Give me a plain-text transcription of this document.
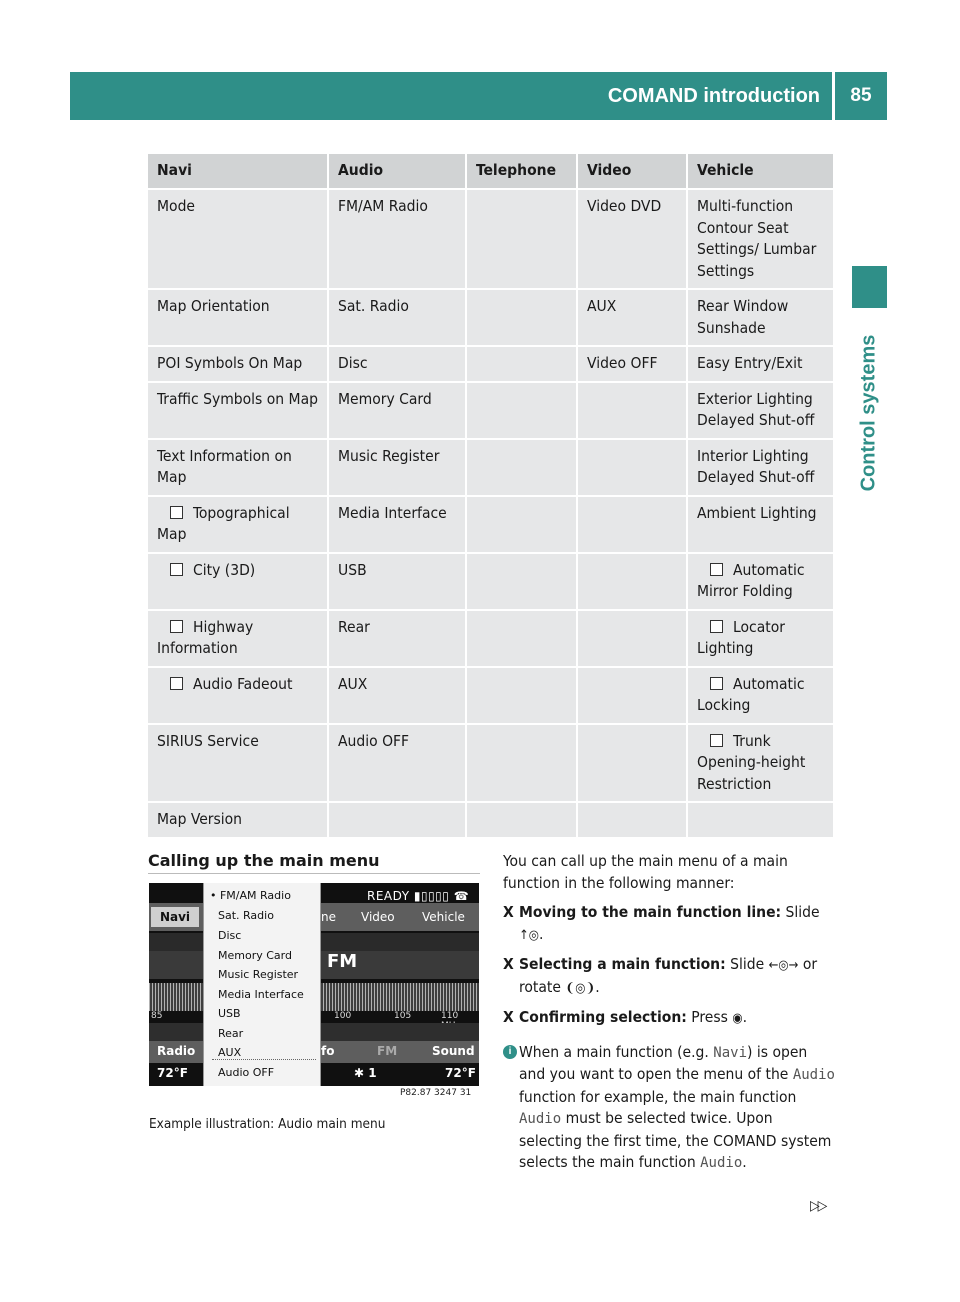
COMAND introduction	85
Control systems
Navi	Audio	Telephone	Video	Vehicle
Mode	FM/AM Radio		Video DVD	Multi-function Contour Seat Settings/ Lumbar Settings
Map Orientation	Sat. Radio		AUX	Rear Window Sunshade
POI Symbols On Map	Disc		Video OFF	Easy Entry/Exit
Traffic Symbols on Map	Memory Card			Exterior Lighting Delayed Shut-off
Text Information on Map	Music Register			Interior Lighting Delayed Shut-off
Topographical Map	Media Interface			Ambient Lighting
City (3D)	USB			Automatic Mirror Folding
Highway Information	Rear			Locator Lighting
Audio Fadeout	AUX			Automatic Locking
SIRIUS Service	Audio OFF			Trunk Opening-height Restriction
Map Version				
Calling up the main menu
Navi	ne Video Vehicle
READY ▮▯▯▯▯ ☎
FM
85	100	105	110
Radio	fo	FM	Sound
72°F	✱ 1	72°F
• FM/AM Radio
Sat. Radio
Disc
Memory Card
Music Register
Media Interface
USB
Rear
AUX
Audio OFF
P82.87 3247 31
Example illustration: Audio main menu

You can call up the main menu of a main function in the following manner:

X Moving to the main function line: Slide ↑◎.
X Selecting a main function: Slide ←◎→ or rotate ❨◎❩.
X Confirming selection: Press ◉.
i When a main function (e.g. Navi) is open and you want to open the menu of the Audio function for example, the main function Audio must be selected twice. Upon selecting the first time, the COMAND system selects the main function Audio.
▷▷
